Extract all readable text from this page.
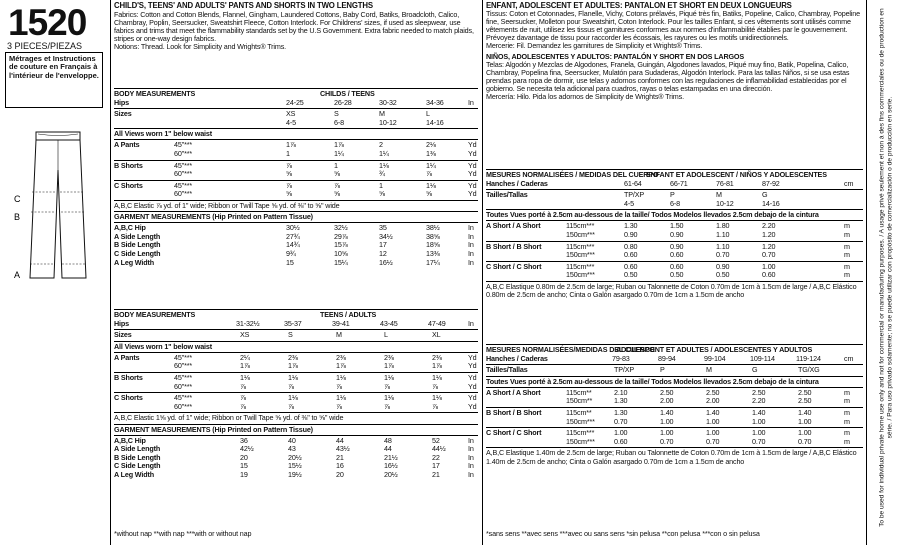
1520
3 PIECES/PIEZAS
Métrages et Instructions de couture en Français à l'intérieur de l'enveloppe.
C
B
A
CHILD'S, TEENS' AND ADULTS' PANTS AND SHORTS IN TWO LENGTHS
Fabrics: Cotton and Cotton Blends, Flannel, Gingham, Laundered Cottons, Baby Cord, Batiks, Broadcloth, Calico, Chambray, Poplin, Seersucker, Sweatshirt Fleece, Cotton Interlock. For Childrens' sizes, if used as sleepwear, use fabrics and trims that meet the flammability standards set by the U.S Government. Extra fabric needed to match plaids, stripes or one-way design fabrics.
Notions: Thread. Look for Simplicity and Wrights® Trims.
BODY MEASUREMENTS	CHILDS / TEENS
Hips	24-25	26-28	30-32	34-36	In
Sizes	XS	S	M	L
4-5	6-8	10-12	14-16
All Views worn 1" below waist
A Pants	45"***	1⅞	1⅞	2	2⅛	Yd
60"***	1	1¼	1¼	1⅜	Yd
B Shorts	45"***	⅞	1	1⅛	1¼	Yd
60"***	⅝	⅝	¾	⅞	Yd
C Shorts	45"***	⅞	⅞	1	1⅛	Yd
60"***	⅝	⅝	⅝	⅝	Yd
A,B,C Elastic ⅞ yd. of 1" wide; Ribbon or Twill Tape ⅝ yd. of ⅜" to ⅝" wide
GARMENT MEASUREMENTS (Hip Printed on Pattern Tissue)
A,B,C Hip	30½	32½	35	38½	In
A Side Length	27¾	29⅞	34½	38⅝	In
B Side Length	14¾	15⅞	17	18⅝	In
C Side Length	9¾	10⅝	12	13⅜	In
A Leg Width	15	15¼	16½	17¼	In
BODY MEASUREMENTS	TEENS / ADULTS
Hips	31-32½	35-37	39-41	43-45	47-49	In
Sizes	XS	S	M	L	XL
All Views worn 1" below waist
A Pants	45"***	2¼	2⅜	2⅜	2⅜	2⅜	Yd
60"***	1⅞	1⅞	1⅞	1⅞	1⅞	Yd
B Shorts	45"***	1⅛	1⅛	1⅛	1⅛	1⅛	Yd
60"***	⅞	⅞	⅞	⅞	⅞	Yd
C Shorts	45"***	⅞	1⅛	1⅛	1⅛	1⅛	Yd
60"***	⅞	⅞	⅞	⅞	⅞	Yd
A,B,C Elastic 1⅝ yd. of 1" wide; Ribbon or Twill Tape ⅝ yd. of ⅜" to ⅝" wide
GARMENT MEASUREMENTS (Hip Printed on Pattern Tissue)
A,B,C Hip	36	40	44	48	52	In
A Side Length	42½	43	43½	44	44½	In
B Side Length	20	20½	21	21½	22	In
C Side Length	15	15½	16	16½	17	In
A Leg Width	19	19½	20	20½	21	In
*without nap **with nap ***with or without nap
ENFANT, ADOLESCENT ET ADULTES: PANTALON ET SHORT EN DEUX LONGUEURS
Tissus: Coton et Cotonnades, Flanelle, Vichy, Cotons prélavés, Piqué très fin, Batiks, Popeline, Calico, Chambray, Popeline fine, Seersucker, Molleton pour Sweatshirt, Coton Interlock. Pour les tailles Enfant, si ces vêtements sont utilisés comme vêtements de nuit, utilisez les tissus et garnitures conformes aux normes d'inflammabilité établies par le gouvernement. Prévoyez davantage de tissu pour raccorder les écossais, les rayures ou les motifs unidirectionnels.
Mercerie: Fil. Demandez les garnitures de Simplicity et Wrights® Trims.
NIÑOS, ADOLESCENTES Y ADULTOS: PANTALÓN Y SHORT EN DOS LARGOS
Telas: Algodón y Mezclas de Algodones, Franela, Guingán, Algodones lavados, Piqué muy fino, Batik, Popelina, Calico, Chambray, Popelina fina, Seersucker, Mulatón para Sudaderas, Algodón Interlock. Para las tallas Niños, si se usa estas prendas para ropa de dormir, use telas y adornos conformes con las regulaciones de inflamabilidad establecidas por el gobierno. Se necesita tela adicional para cuadros, rayas o telas estampadas en una dirección.
Mercería: Hilo. Pida los adornos de Simplicity de Wrights® Trims.
MESURES NORMALISÉES / MEDIDAS DEL CUERPO
ENFANT ET ADOLESCENT / NIÑOS Y ADOLESCENTES
Hanches / Caderas	61-64	66-71	76-81	87-92	cm
Tailles/Tallas	TP/XP	P	M	G
4-5	6-8	10-12	14-16
Toutes Vues porté à 2.5cm au-dessous de la taille/ Todos Modelos llevados 2.5cm debajo de la cintura
A Short / A Short	115cm***	1.30	1.50	1.80	2.20	m
150cm***	0.90	0.90	1.10	1.20	m
B Short / B Short	115cm***	0.80	0.90	1.10	1.20	m
150cm***	0.60	0.60	0.70	0.70	m
C Short / C Short	115cm***	0.60	0.60	0.90	1.00	m
150cm***	0.50	0.50	0.50	0.60	m
A,B,C Elastique 0.80m de 2.5cm de large; Ruban ou Talonnette de Coton 0.70m de 1cm à 1.5cm de large / A,B,C Elástico 0.80m de 2.5cm de ancho; Cinta o Galón asargado 0.70m de 1cm a 1.5cm de ancho
MESURES NORMALISÉES/MEDIDAS DEL CUERPO
ADOLESCENT ET ADULTES / ADOLESCENTES Y ADULTOS
Hanches / Caderas	79-83	89-94	99-104	109-114	119-124	cm
Tailles/Tallas	TP/XP	P	M	G	TG/XG
Toutes Vues porté à 2.5cm au-dessous de la taille/ Todos Modelos llevados 2.5cm debajo de la cintura
A Short / A Short	115cm**	2.10	2.50	2.50	2.50	2.50	m
150cm**	1.30	2.00	2.00	2.20	2.50	m
B Short / B Short	115cm**	1.30	1.40	1.40	1.40	1.40	m
150cm***	0.70	1.00	1.00	1.00	1.00	m
C Short / C Short	115cm***	1.00	1.00	1.00	1.00	1.00	m
150cm***	0.60	0.70	0.70	0.70	0.70	m
A,B,C Elastique 1.40m de 2.5cm de large; Ruban ou Talonnette de Coton 0.70m de 1cm à 1.5cm de large / A,B,C Elástico 1.40m de 2.5cm de ancho; Cinta o Galón asargado 0.70m de 1cm a 1.5cm de ancho
*sans sens **avec sens ***avec ou sans sens *sin pelusa **con pelusa ***con o sin pelusa
To be used for individual private home use only and not for commercial or manufacturing purposes. / A usage privé seulement et non à des fins commerciales ou de production en série. / Para uso privado solamente; no se puede utilizar con propósito de comercialización o de producción en serie.
